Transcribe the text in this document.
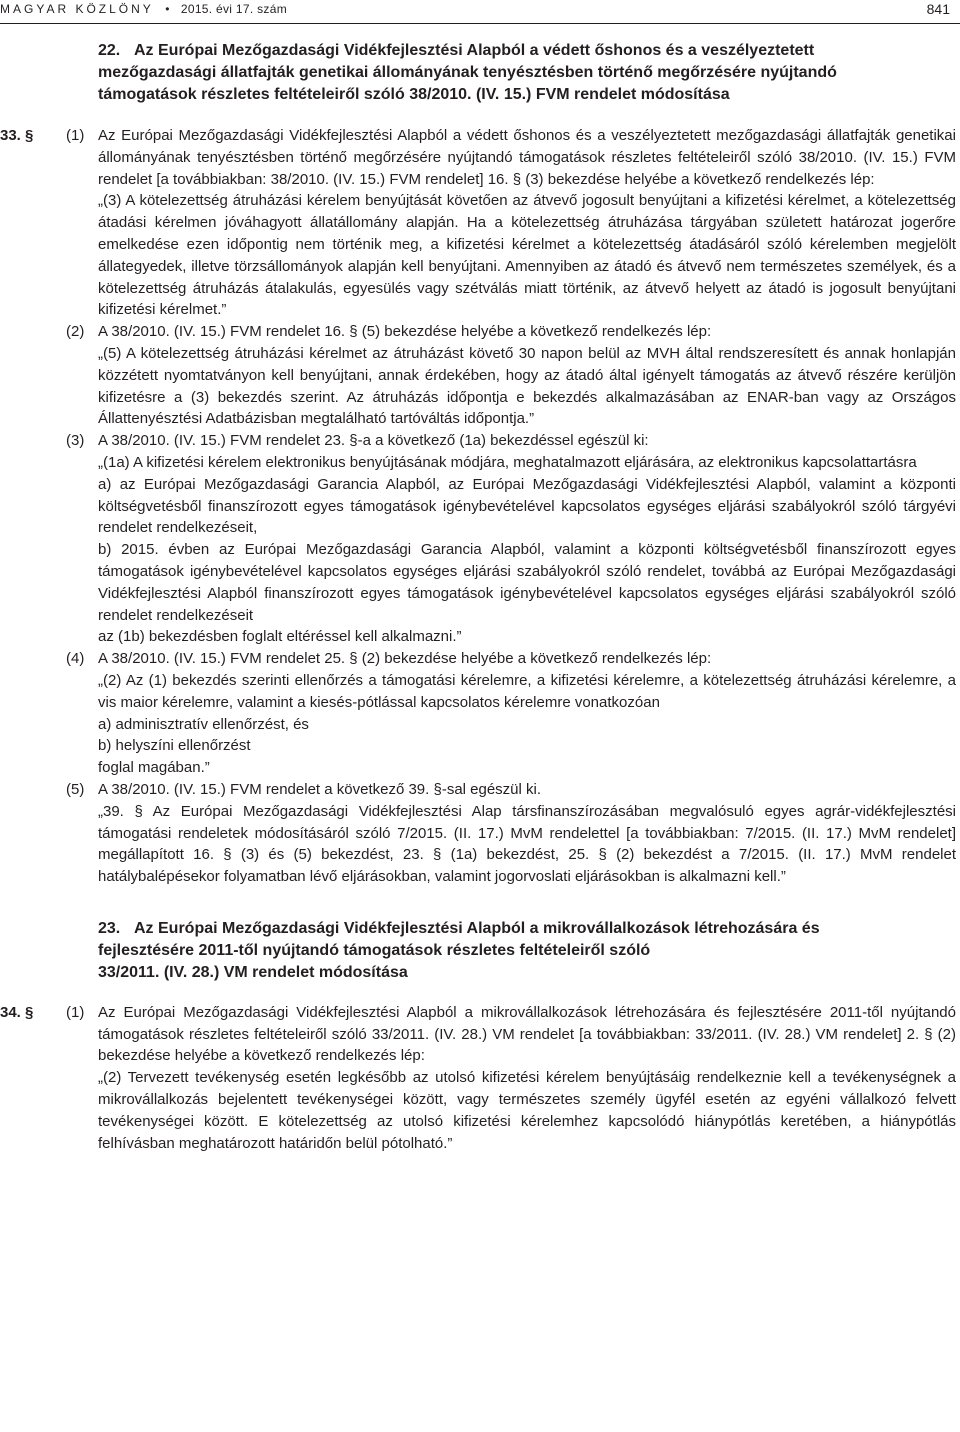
MAGYAR KÖZLÖNY • 2015. évi 17. szám	841
22. Az Európai Mezőgazdasági Vidékfejlesztési Alapból a védett őshonos és a veszélyeztetett mezőgazdasági állatfajták genetikai állományának tenyésztésben történő megőrzésére nyújtandó támogatások részletes feltételeiről szóló 38/2010. (IV. 15.) FVM rendelet módosítása
33. § (1) Az Európai Mezőgazdasági Vidékfejlesztési Alapból a védett őshonos és a veszélyeztetett mezőgazdasági állatfajták genetikai állományának tenyésztésben történő megőrzésére nyújtandó támogatások részletes feltételeiről szóló 38/2010. (IV. 15.) FVM rendelet [a továbbiakban: 38/2010. (IV. 15.) FVM rendelet] 16. § (3) bekezdése helyébe a következő rendelkezés lép:
„(3) A kötelezettség átruházási kérelem benyújtását követően az átvevő jogosult benyújtani a kifizetési kérelmet, a kötelezettség átadási kérelmen jóváhagyott állatállomány alapján. Ha a kötelezettség átruházása tárgyában született határozat jogerőre emelkedése ezen időpontig nem történik meg, a kifizetési kérelmet a kötelezettség átadásáról szóló kérelemben megjelölt állategyedek, illetve törzsállományok alapján kell benyújtani. Amennyiben az átadó és átvevő nem természetes személyek, és a kötelezettség átruházás átalakulás, egyesülés vagy szétválás miatt történik, az átvevő helyett az átadó is jogosult benyújtani kifizetési kérelmet.”
(2) A 38/2010. (IV. 15.) FVM rendelet 16. § (5) bekezdése helyébe a következő rendelkezés lép:
„(5) A kötelezettség átruházási kérelmet az átruházást követő 30 napon belül az MVH által rendszeresített és annak honlapján közzétett nyomtatványon kell benyújtani, annak érdekében, hogy az átadó által igényelt támogatás az átvevő részére kerüljön kifizetésre a (3) bekezdés szerint. Az átruházás időpontja e bekezdés alkalmazásában az ENAR-ban vagy az Országos Állattenyésztési Adatbázisban megtalálható tartóváltás időpontja.”
(3) A 38/2010. (IV. 15.) FVM rendelet 23. §-a a következő (1a) bekezdéssel egészül ki:
„(1a) A kifizetési kérelem elektronikus benyújtásának módjára, meghatalmazott eljárására, az elektronikus kapcsolattartásra
a) az Európai Mezőgazdasági Garancia Alapból, az Európai Mezőgazdasági Vidékfejlesztési Alapból, valamint a központi költségvetésből finanszírozott egyes támogatások igénybevételével kapcsolatos egységes eljárási szabályokról szóló tárgyévi rendelet rendelkezéseit,
b) 2015. évben az Európai Mezőgazdasági Garancia Alapból, valamint a központi költségvetésből finanszírozott egyes támogatások igénybevételével kapcsolatos egységes eljárási szabályokról szóló rendelet, továbbá az Európai Mezőgazdasági Vidékfejlesztési Alapból finanszírozott egyes támogatások igénybevételével kapcsolatos egységes eljárási szabályokról szóló rendelet rendelkezéseit
az (1b) bekezdésben foglalt eltéréssel kell alkalmazni.”
(4) A 38/2010. (IV. 15.) FVM rendelet 25. § (2) bekezdése helyébe a következő rendelkezés lép:
„(2) Az (1) bekezdés szerinti ellenőrzés a támogatási kérelemre, a kifizetési kérelemre, a kötelezettség átruházási kérelemre, a vis maior kérelemre, valamint a kiesés-pótlással kapcsolatos kérelemre vonatkozóan
a) adminisztratív ellenőrzést, és
b) helyszíni ellenőrzést
foglal magában.”
(5) A 38/2010. (IV. 15.) FVM rendelet a következő 39. §-sal egészül ki.
„39. § Az Európai Mezőgazdasági Vidékfejlesztési Alap társfinanszírozásában megvalósuló egyes agrár-vidékfejlesztési támogatási rendeletek módosításáról szóló 7/2015. (II. 17.) MvM rendelettel [a továbbiakban: 7/2015. (II. 17.) MvM rendelet] megállapított 16. § (3) és (5) bekezdést, 23. § (1a) bekezdést, 25. § (2) bekezdést a 7/2015. (II. 17.) MvM rendelet hatálybalépésekor folyamatban lévő eljárásokban, valamint jogorvoslati eljárásokban is alkalmazni kell.”
23. Az Európai Mezőgazdasági Vidékfejlesztési Alapból a mikrovállalkozások létrehozására és
fejlesztésére 2011-től nyújtandó támogatások részletes feltételeiről szóló
33/2011. (IV. 28.) VM rendelet módosítása
34. § (1) Az Európai Mezőgazdasági Vidékfejlesztési Alapból a mikrovállalkozások létrehozására és fejlesztésére 2011-től nyújtandó támogatások részletes feltételeiről szóló 33/2011. (IV. 28.) VM rendelet [a továbbiakban: 33/2011. (IV. 28.) VM rendelet] 2. § (2) bekezdése helyébe a következő rendelkezés lép:
„(2) Tervezett tevékenység esetén legkésőbb az utolsó kifizetési kérelem benyújtásáig rendelkeznie kell a tevékenységnek a mikrovállalkozás bejelentett tevékenységei között, vagy természetes személy ügyfél esetén az egyéni vállalkozó felvett tevékenységei között. E kötelezettség az utolsó kifizetési kérelemhez kapcsolódó hiánypótlás keretében, a hiánypótlás felhívásban meghatározott határidőn belül pótolható.”
